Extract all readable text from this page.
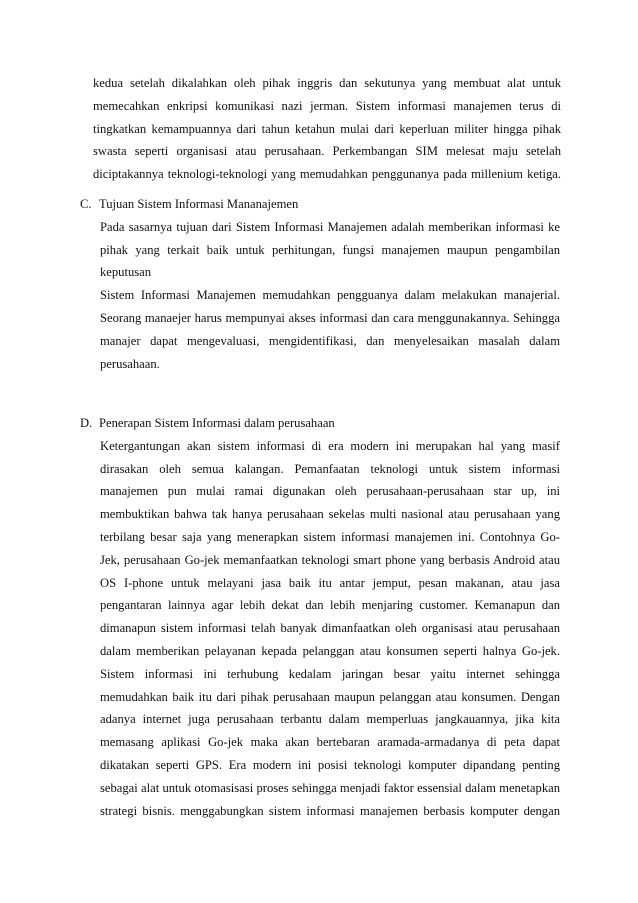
kedua setelah dikalahkan oleh pihak inggris dan sekutunya yang membuat alat untuk
memecahkan enkripsi komunikasi nazi jerman. Sistem informasi manajemen terus di
tingkatkan kemampuannya dari tahun ketahun mulai dari keperluan militer hingga pihak
swasta seperti organisasi atau perusahaan. Perkembangan SIM melesat maju setelah
diciptakannya teknologi-teknologi yang memudahkan penggunanya pada millenium ketiga.
C. Tujuan Sistem Informasi Mananajemen
Pada sasarnya tujuan dari Sistem Informasi Manajemen adalah memberikan informasi ke
pihak yang terkait baik untuk perhitungan, fungsi manajemen maupun pengambilan
keputusan
Sistem Informasi Manajemen memudahkan pengguanya dalam melakukan manajerial.
Seorang manaejer harus mempunyai akses informasi dan cara menggunakannya. Sehingga
manajer dapat mengevaluasi, mengidentifikasi, dan menyelesaikan masalah dalam
perusahaan.
D. Penerapan Sistem Informasi dalam perusahaan
Ketergantungan akan sistem informasi di era modern ini merupakan hal yang masif
dirasakan oleh semua kalangan. Pemanfaatan teknologi untuk sistem informasi
manajemen pun mulai ramai digunakan oleh perusahaan-perusahaan star up, ini
membuktikan bahwa tak hanya perusahaan sekelas multi nasional atau perusahaan yang
terbilang besar saja yang menerapkan sistem informasi manajemen ini. Contohnya Go-
Jek, perusahaan Go-jek memanfaatkan teknologi smart phone yang berbasis Android atau
OS I-phone untuk melayani jasa baik itu antar jemput, pesan makanan, atau jasa
pengantaran lainnya agar lebih dekat dan lebih menjaring customer. Kemanapun dan
dimanapun sistem informasi telah banyak dimanfaatkan oleh organisasi atau perusahaan
dalam memberikan pelayanan kepada pelanggan atau konsumen seperti halnya Go-jek.
Sistem informasi ini terhubung kedalam jaringan besar yaitu internet sehingga
memudahkan baik itu dari pihak perusahaan maupun pelanggan atau konsumen. Dengan
adanya internet juga perusahaan terbantu dalam memperluas jangkauannya, jika kita
memasang aplikasi Go-jek maka akan bertebaran aramada-armadanya di peta dapat
dikatakan seperti GPS. Era modern ini posisi teknologi komputer dipandang penting
sebagai alat untuk otomasisasi proses sehingga menjadi faktor essensial dalam menetapkan
strategi bisnis. menggabungkan sistem informasi manajemen berbasis komputer dengan
